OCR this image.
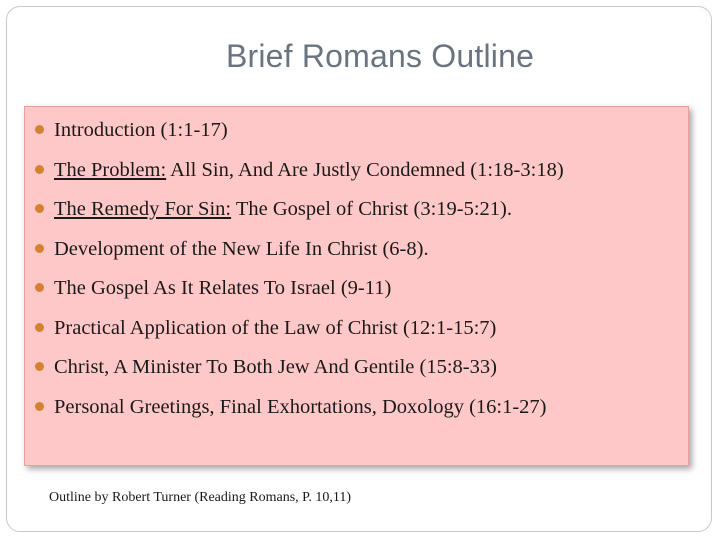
Brief Romans Outline
Introduction (1:1-17)
The Problem: All Sin, And Are Justly Condemned (1:18-3:18)
The Remedy For Sin: The Gospel of Christ (3:19-5:21).
Development of the New Life In Christ (6-8).
The Gospel As It Relates To Israel (9-11)
Practical Application of the Law of Christ (12:1-15:7)
Christ, A Minister To Both Jew And Gentile (15:8-33)
Personal Greetings, Final Exhortations, Doxology (16:1-27)
Outline by Robert Turner (Reading Romans, P. 10,11)
